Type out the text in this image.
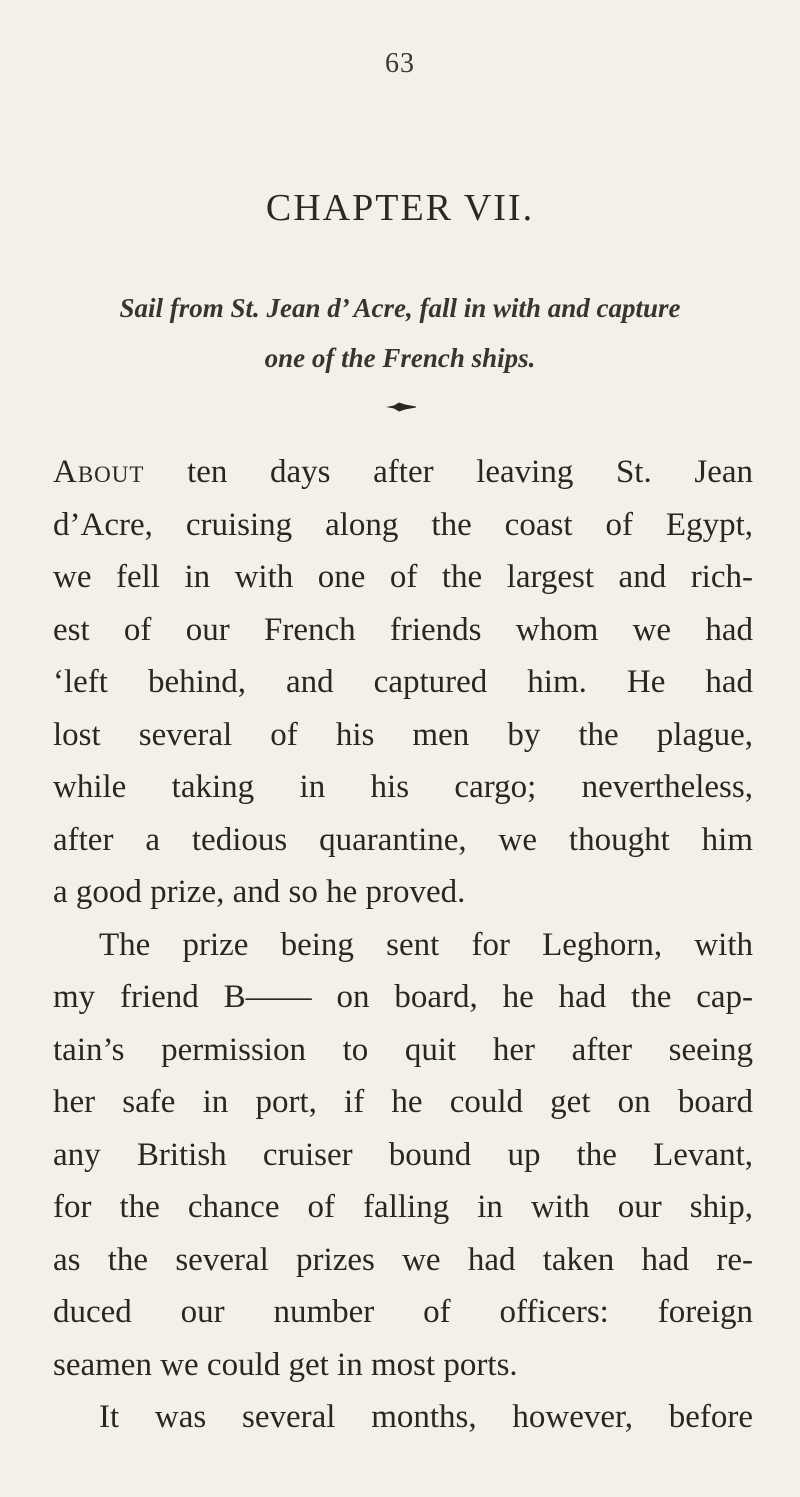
63
CHAPTER VII.
Sail from St. Jean d’ Acre, fall in with and capture
one of the French ships.
About ten days after leaving St. Jean
d’Acre, cruising along the coast of Egypt,
we fell in with one of the largest and rich-
est of our French friends whom we had
‘left behind, and captured him. He had
lost several of his men by the plague,
while taking in his cargo; nevertheless,
after a tedious quarantine, we thought him
a good prize, and so he proved.
The prize being sent for Leghorn, with
my friend B—— on board, he had the cap-
tain’s permission to quit her after seeing
her safe in port, if he could get on board
any British cruiser bound up the Levant,
for the chance of falling in with our ship,
as the several prizes we had taken had re-
duced our number of officers: foreign
seamen we could get in most ports.
It was several months, however, before
